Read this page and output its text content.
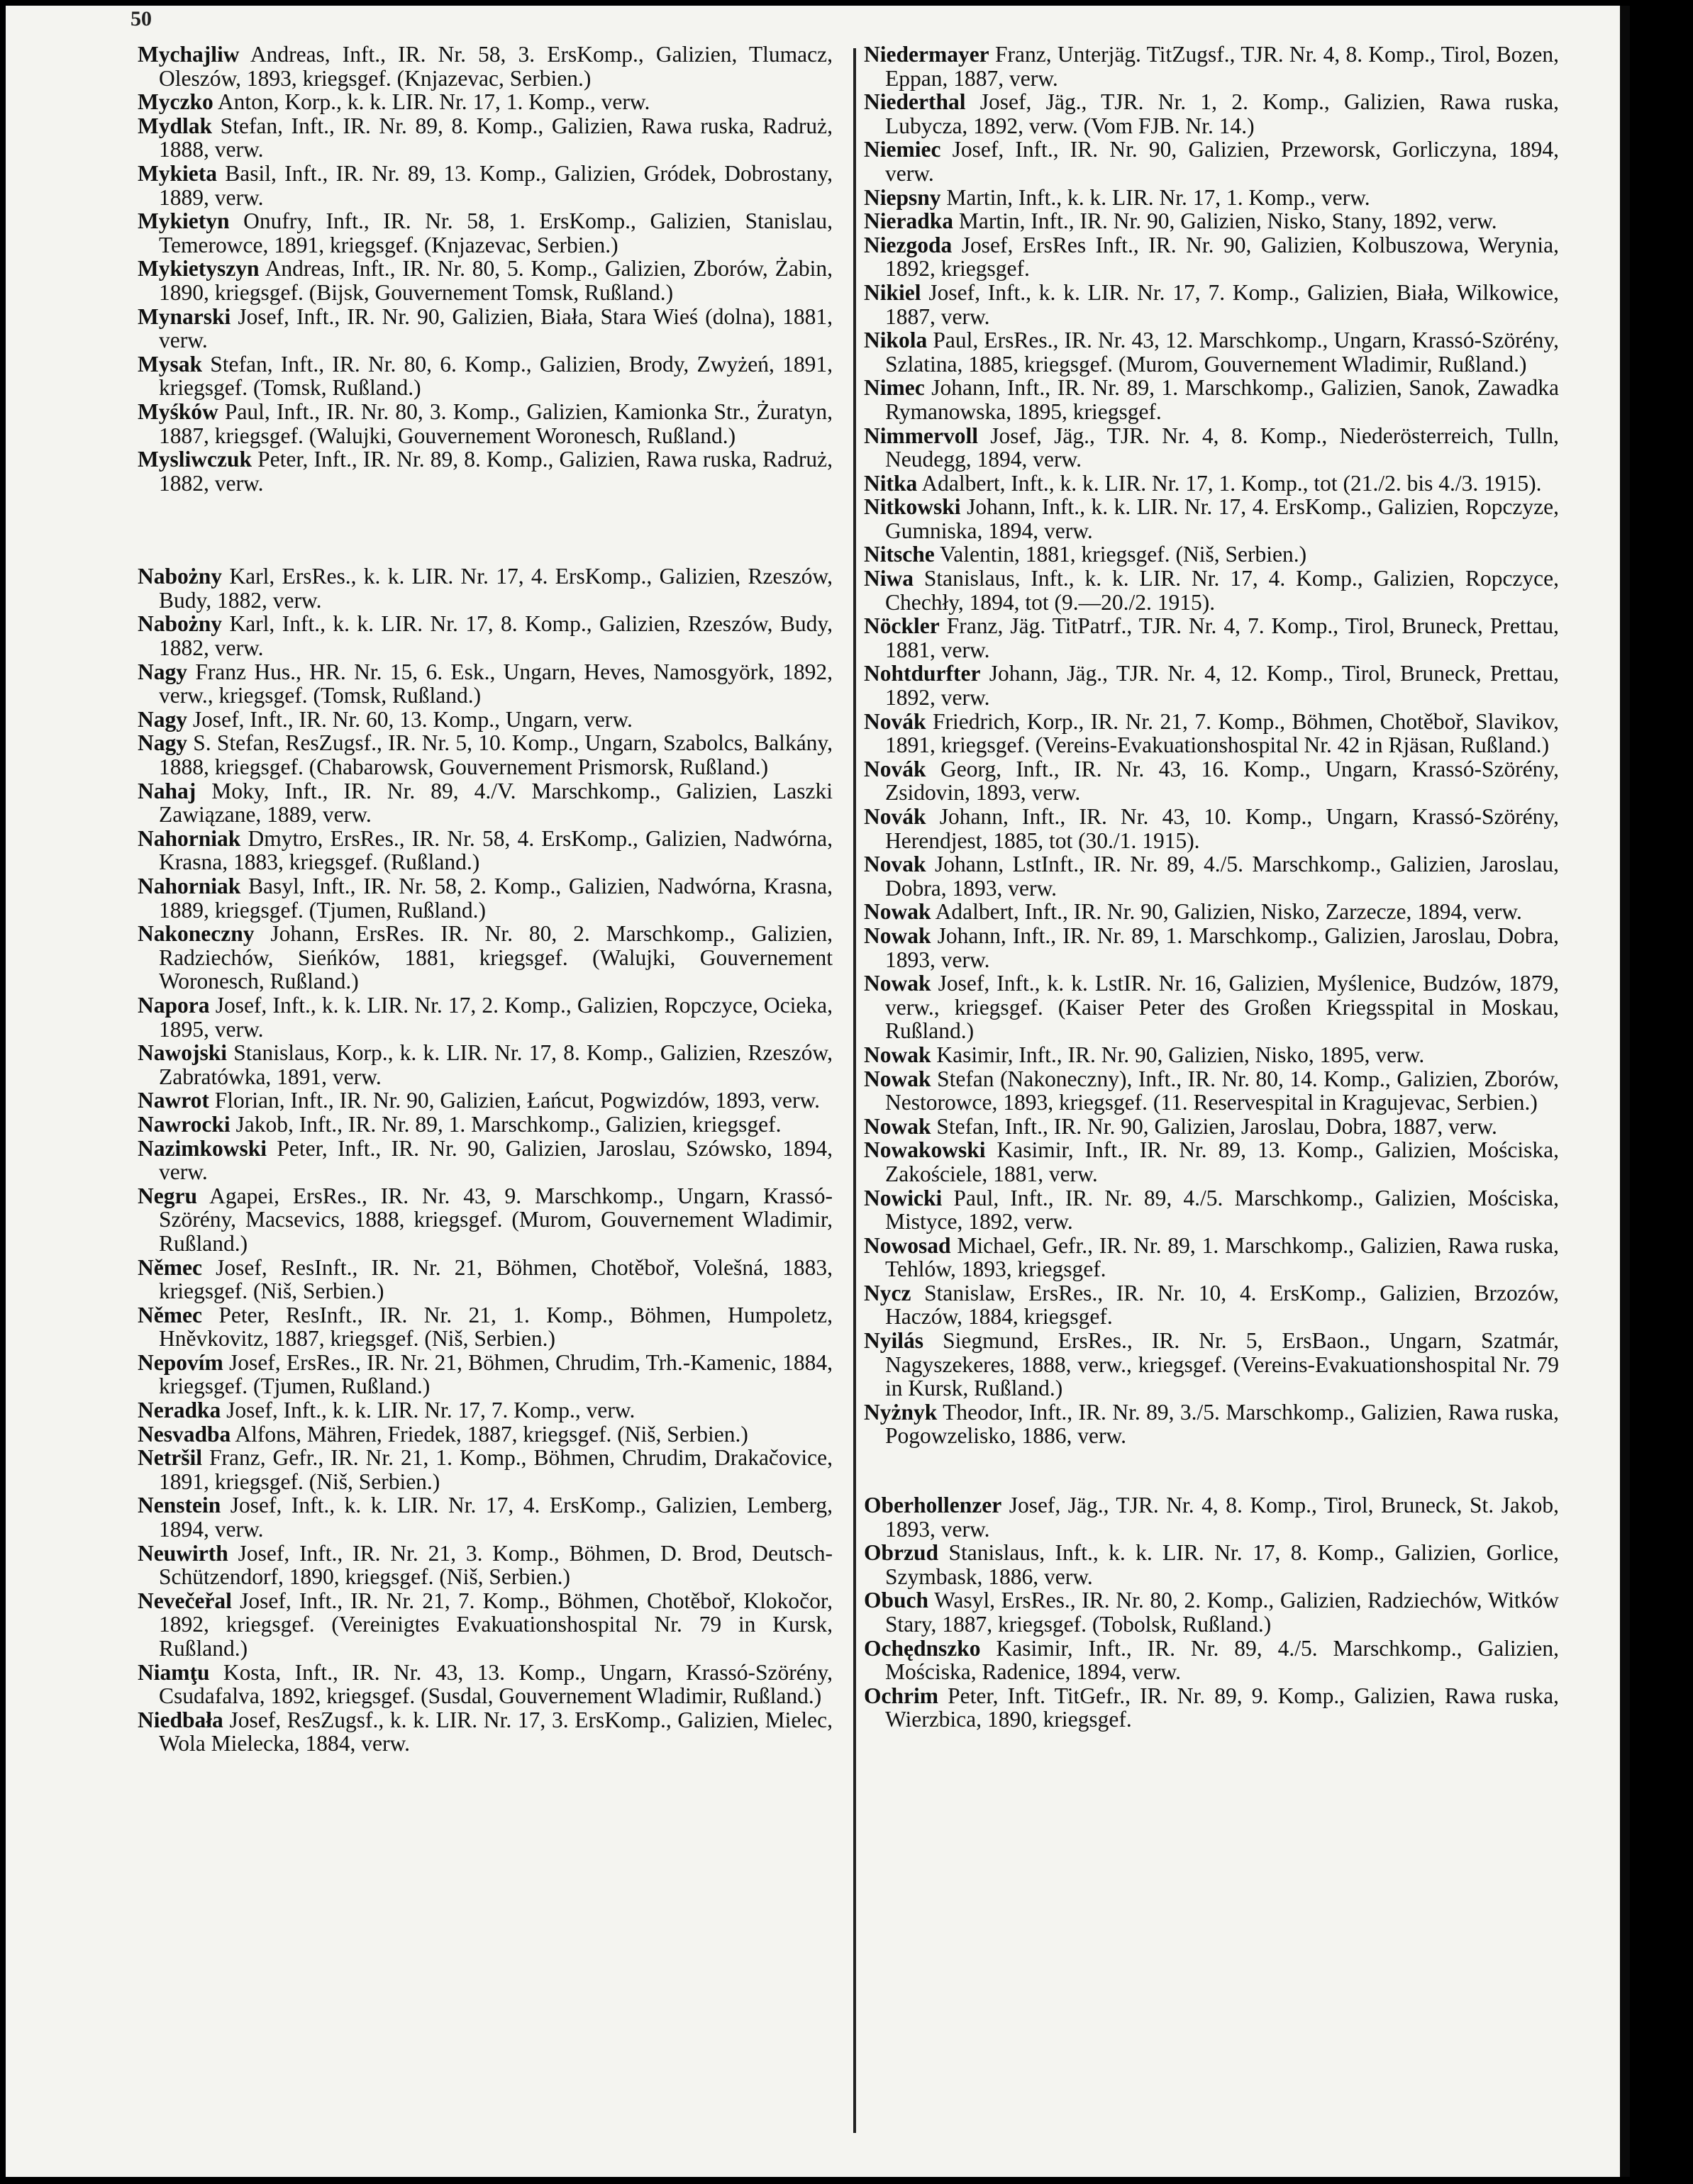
50

Mychajliw Andreas, Inft., IR. Nr. 58, 3. ErsKomp., Galizien, Tlumacz, Oleszów, 1893, kriegsgef. (Knjazevac, Serbien.)

Myczko Anton, Korp., k. k. LIR. Nr. 17, 1. Komp., verw.

Mydlak Stefan, Inft., IR. Nr. 89, 8. Komp., Galizien, Rawa ruska, Radruż, 1888, verw.

Mykieta Basil, Inft., IR. Nr. 89, 13. Komp., Galizien, Gródek, Dobrostany, 1889, verw.

Mykietyn Onufry, Inft., IR. Nr. 58, 1. ErsKomp., Galizien, Stanislau, Temerowce, 1891, kriegsgef. (Knjazevac, Serbien.)

Mykietyszyn Andreas, Inft., IR. Nr. 80, 5. Komp., Galizien, Zborów, Żabin, 1890, kriegsgef. (Bijsk, Gouvernement Tomsk, Rußland.)

Mynarski Josef, Inft., IR. Nr. 90, Galizien, Biała, Stara Wieś (dolna), 1881, verw.

Mysak Stefan, Inft., IR. Nr. 80, 6. Komp., Galizien, Brody, Zwyżeń, 1891, kriegsgef. (Tomsk, Rußland.)

Myśków Paul, Inft., IR. Nr. 80, 3. Komp., Galizien, Kamionka Str., Żuratyn, 1887, kriegsgef. (Walujki, Gouvernement Woronesch, Rußland.)

Mysliwczuk Peter, Inft., IR. Nr. 89, 8. Komp., Galizien, Rawa ruska, Radruż, 1882, verw.

Nabożny Karl, ErsRes., k. k. LIR. Nr. 17, 4. ErsKomp., Galizien, Rzeszów, Budy, 1882, verw.

Nabożny Karl, Inft., k. k. LIR. Nr. 17, 8. Komp., Galizien, Rzeszów, Budy, 1882, verw.

Nagy Franz Hus., HR. Nr. 15, 6. Esk., Ungarn, Heves, Namosgyörk, 1892, verw., kriegsgef. (Tomsk, Rußland.)

Nagy Josef, Inft., IR. Nr. 60, 13. Komp., Ungarn, verw.

Nagy S. Stefan, ResZugsf., IR. Nr. 5, 10. Komp., Ungarn, Szabolcs, Balkány, 1888, kriegsgef. (Chabarowsk, Gouvernement Prismorsk, Rußland.)

Nahaj Moky, Inft., IR. Nr. 89, 4./V. Marschkomp., Galizien, Laszki Zawiązane, 1889, verw.

Nahorniak Dmytro, ErsRes., IR. Nr. 58, 4. ErsKomp., Galizien, Nadwórna, Krasna, 1883, kriegsgef. (Rußland.)

Nahorniak Basyl, Inft., IR. Nr. 58, 2. Komp., Galizien, Nadwórna, Krasna, 1889, kriegsgef. (Tjumen, Rußland.)

Nakoneczny Johann, ErsRes. IR. Nr. 80, 2. Marschkomp., Galizien, Radziechów, Sieńków, 1881, kriegsgef. (Walujki, Gouvernement Woronesch, Rußland.)

Napora Josef, Inft., k. k. LIR. Nr. 17, 2. Komp., Galizien, Ropczyce, Ocieka, 1895, verw.

Nawojski Stanislaus, Korp., k. k. LIR. Nr. 17, 8. Komp., Galizien, Rzeszów, Zabratówka, 1891, verw.

Nawrot Florian, Inft., IR. Nr. 90, Galizien, Łańcut, Pogwizdów, 1893, verw.

Nawrocki Jakob, Inft., IR. Nr. 89, 1. Marschkomp., Galizien, kriegsgef.

Nazimkowski Peter, Inft., IR. Nr. 90, Galizien, Jaroslau, Szówsko, 1894, verw.

Negru Agapei, ErsRes., IR. Nr. 43, 9. Marschkomp., Ungarn, Krassó-Szörény, Macsevics, 1888, kriegsgef. (Murom, Gouvernement Wladimir, Rußland.)

Němec Josef, ResInft., IR. Nr. 21, Böhmen, Chotěboř, Volešná, 1883, kriegsgef. (Niš, Serbien.)

Němec Peter, ResInft., IR. Nr. 21, 1. Komp., Böhmen, Humpoletz, Hněvkovitz, 1887, kriegsgef. (Niš, Serbien.)

Nepovím Josef, ErsRes., IR. Nr. 21, Böhmen, Chrudim, Trh.-Kamenic, 1884, kriegsgef. (Tjumen, Rußland.)

Neradka Josef, Inft., k. k. LIR. Nr. 17, 7. Komp., verw.

Nesvadba Alfons, Mähren, Friedek, 1887, kriegsgef. (Niš, Serbien.)

Netršil Franz, Gefr., IR. Nr. 21, 1. Komp., Böhmen, Chrudim, Drakačovice, 1891, kriegsgef. (Niš, Serbien.)

Nenstein Josef, Inft., k. k. LIR. Nr. 17, 4. ErsKomp., Galizien, Lemberg, 1894, verw.

Neuwirth Josef, Inft., IR. Nr. 21, 3. Komp., Böhmen, D. Brod, Deutsch-Schützendorf, 1890, kriegsgef. (Niš, Serbien.)

Nevečeřal Josef, Inft., IR. Nr. 21, 7. Komp., Böhmen, Chotěboř, Klokočor, 1892, kriegsgef. (Vereinigtes Evakuationshospital Nr. 79 in Kursk, Rußland.)

Niamţu Kosta, Inft., IR. Nr. 43, 13. Komp., Ungarn, Krassó-Szörény, Csudafalva, 1892, kriegsgef. (Susdal, Gouvernement Wladimir, Rußland.)

Niedbała Josef, ResZugsf., k. k. LIR. Nr. 17, 3. ErsKomp., Galizien, Mielec, Wola Mielecka, 1884, verw.

Niedermayer Franz, Unterjäg. TitZugsf., TJR. Nr. 4, 8. Komp., Tirol, Bozen, Eppan, 1887, verw.

Niederthal Josef, Jäg., TJR. Nr. 1, 2. Komp., Galizien, Rawa ruska, Lubycza, 1892, verw. (Vom FJB. Nr. 14.)

Niemiec Josef, Inft., IR. Nr. 90, Galizien, Przeworsk, Gorliczyna, 1894, verw.

Niepsny Martin, Inft., k. k. LIR. Nr. 17, 1. Komp., verw.

Nieradka Martin, Inft., IR. Nr. 90, Galizien, Nisko, Stany, 1892, verw.

Niezgoda Josef, ErsRes Inft., IR. Nr. 90, Galizien, Kolbuszowa, Werynia, 1892, kriegsgef.

Nikiel Josef, Inft., k. k. LIR. Nr. 17, 7. Komp., Galizien, Biała, Wilkowice, 1887, verw.

Nikola Paul, ErsRes., IR. Nr. 43, 12. Marschkomp., Ungarn, Krassó-Szörény, Szlatina, 1885, kriegsgef. (Murom, Gouvernement Wladimir, Rußland.)

Nimec Johann, Inft., IR. Nr. 89, 1. Marschkomp., Galizien, Sanok, Zawadka Rymanowska, 1895, kriegsgef.

Nimmervoll Josef, Jäg., TJR. Nr. 4, 8. Komp., Niederösterreich, Tulln, Neudegg, 1894, verw.

Nitka Adalbert, Inft., k. k. LIR. Nr. 17, 1. Komp., tot (21./2. bis 4./3. 1915).

Nitkowski Johann, Inft., k. k. LIR. Nr. 17, 4. ErsKomp., Galizien, Ropczyze, Gumniska, 1894, verw.

Nitsche Valentin, 1881, kriegsgef. (Niš, Serbien.)

Niwa Stanislaus, Inft., k. k. LIR. Nr. 17, 4. Komp., Galizien, Ropczyce, Chechły, 1894, tot (9.—20./2. 1915).

Nöckler Franz, Jäg. TitPatrf., TJR. Nr. 4, 7. Komp., Tirol, Bruneck, Prettau, 1881, verw.

Nohtdurfter Johann, Jäg., TJR. Nr. 4, 12. Komp., Tirol, Bruneck, Prettau, 1892, verw.

Novák Friedrich, Korp., IR. Nr. 21, 7. Komp., Böhmen, Chotěboř, Slavikov, 1891, kriegsgef. (Vereins-Evakuationshospital Nr. 42 in Rjäsan, Rußland.)

Novák Georg, Inft., IR. Nr. 43, 16. Komp., Ungarn, Krassó-Szörény, Zsidovin, 1893, verw.

Novák Johann, Inft., IR. Nr. 43, 10. Komp., Ungarn, Krassó-Szörény, Herendjest, 1885, tot (30./1. 1915).

Novak Johann, LstInft., IR. Nr. 89, 4./5. Marschkomp., Galizien, Jaroslau, Dobra, 1893, verw.

Nowak Adalbert, Inft., IR. Nr. 90, Galizien, Nisko, Zarzecze, 1894, verw.

Nowak Johann, Inft., IR. Nr. 89, 1. Marschkomp., Galizien, Jaroslau, Dobra, 1893, verw.

Nowak Josef, Inft., k. k. LstIR. Nr. 16, Galizien, Myślenice, Budzów, 1879, verw., kriegsgef. (Kaiser Peter des Großen Kriegsspital in Moskau, Rußland.)

Nowak Kasimir, Inft., IR. Nr. 90, Galizien, Nisko, 1895, verw.

Nowak Stefan (Nakoneczny), Inft., IR. Nr. 80, 14. Komp., Galizien, Zborów, Nestorowce, 1893, kriegsgef. (11. Reservespital in Kragujevac, Serbien.)

Nowak Stefan, Inft., IR. Nr. 90, Galizien, Jaroslau, Dobra, 1887, verw.

Nowakowski Kasimir, Inft., IR. Nr. 89, 13. Komp., Galizien, Mościska, Zakościele, 1881, verw.

Nowicki Paul, Inft., IR. Nr. 89, 4./5. Marschkomp., Galizien, Mościska, Mistyce, 1892, verw.

Nowosad Michael, Gefr., IR. Nr. 89, 1. Marschkomp., Galizien, Rawa ruska, Tehlów, 1893, kriegsgef.

Nycz Stanislaw, ErsRes., IR. Nr. 10, 4. ErsKomp., Galizien, Brzozów, Haczów, 1884, kriegsgef.

Nyilás Siegmund, ErsRes., IR. Nr. 5, ErsBaon., Ungarn, Szatmár, Nagyszekeres, 1888, verw., kriegsgef. (Vereins-Evakuationshospital Nr. 79 in Kursk, Rußland.)

Nyżnyk Theodor, Inft., IR. Nr. 89, 3./5. Marschkomp., Galizien, Rawa ruska, Pogowzelisko, 1886, verw.

Oberhollenzer Josef, Jäg., TJR. Nr. 4, 8. Komp., Tirol, Bruneck, St. Jakob, 1893, verw.

Obrzud Stanislaus, Inft., k. k. LIR. Nr. 17, 8. Komp., Galizien, Gorlice, Szymbask, 1886, verw.

Obuch Wasyl, ErsRes., IR. Nr. 80, 2. Komp., Galizien, Radziechów, Witków Stary, 1887, kriegsgef. (Tobolsk, Rußland.)

Ochędnszko Kasimir, Inft., IR. Nr. 89, 4./5. Marschkomp., Galizien, Mościska, Radenice, 1894, verw.

Ochrim Peter, Inft. TitGefr., IR. Nr. 89, 9. Komp., Galizien, Rawa ruska, Wierzbica, 1890, kriegsgef.
